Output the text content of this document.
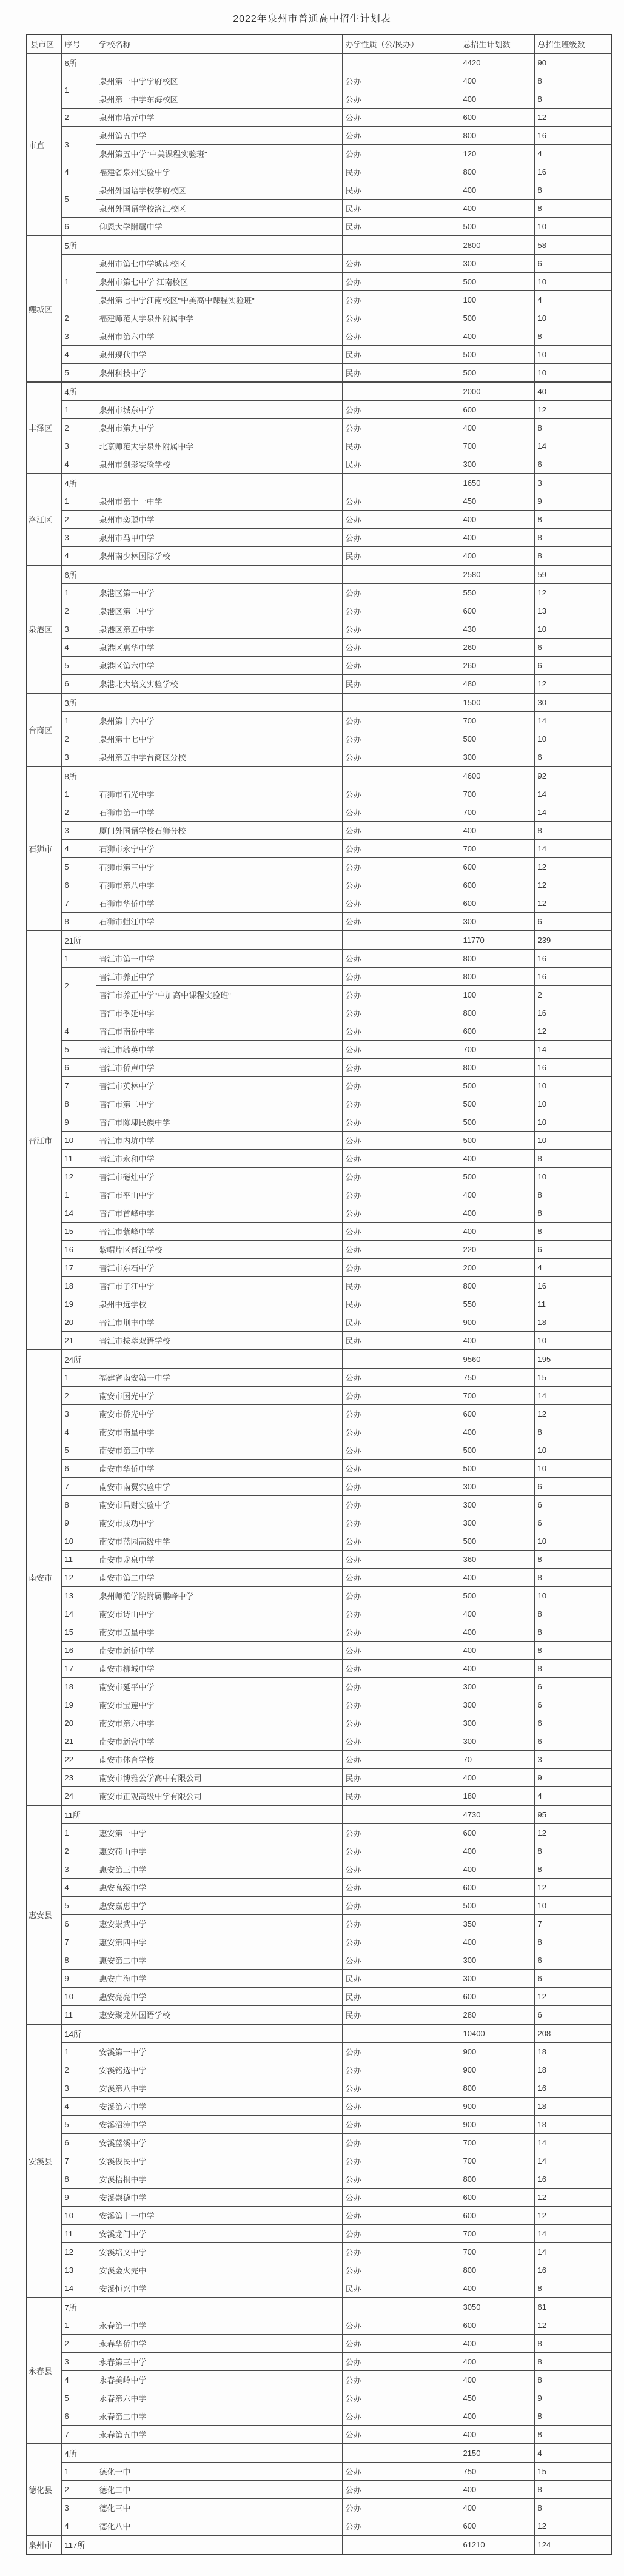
2022年泉州市普通高中招生计划表
县市区	序号	学校名称	办学性质（公/民办）	总招生计划数	总招生班级数
市直	6所			4420	90
	1	泉州第一中学学府校区	公办	400	8
		泉州第一中学东海校区	公办	400	8
	2	泉州市培元中学	公办	600	12
	3	泉州第五中学	公办	800	16
		泉州第五中学"中美课程实验班"	公办	120	4
	4	福建省泉州实验中学	民办	800	16
	5	泉州外国语学校学府校区	民办	400	8
		泉州外国语学校洛江校区	民办	400	8
	6	仰恩大学附属中学	民办	500	10
鲤城区	5所			2800	58
	1	泉州市第七中学城南校区	公办	300	6
		泉州市第七中学 江南校区	公办	500	10
		泉州第七中学江南校区"中美高中课程实验班"	公办	100	4
	2	福建师范大学泉州附属中学	公办	500	10
	3	泉州市第六中学	公办	400	8
	4	泉州现代中学	民办	500	10
	5	泉州科技中学	民办	500	10
丰泽区	4所			2000	40
	1	泉州市城东中学	公办	600	12
	2	泉州市第九中学	公办	400	8
	3	北京师范大学泉州附属中学	民办	700	14
	4	泉州市剑影实验学校	民办	300	6
洛江区	4所			1650	3
	1	泉州市第十一中学	公办	450	9
	2	泉州市奕聪中学	公办	400	8
	3	泉州市马甲中学	公办	400	8
	4	泉州南少林国际学校	民办	400	8
泉港区	6所			2580	59
	1	泉港区第一中学	公办	550	12
	2	泉港区第二中学	公办	600	13
	3	泉港区第五中学	公办	430	10
	4	泉港区惠华中学	公办	260	6
	5	泉港区第六中学	公办	260	6
	6	泉港北大培文实验学校	民办	480	12
台商区	3所			1500	30
	1	泉州第十六中学	公办	700	14
	2	泉州第十七中学	公办	500	10
	3	泉州第五中学台商区分校	公办	300	6
石狮市	8所			4600	92
	1	石狮市石光中学	公办	700	14
	2	石狮市第一中学	公办	700	14
	3	厦门外国语学校石狮分校	公办	400	8
	4	石狮市永宁中学	公办	700	14
	5	石狮市第三中学	公办	600	12
	6	石狮市第八中学	公办	600	12
	7	石狮市华侨中学	公办	600	12
	8	石狮市蚶江中学	公办	300	6
晋江市	21所			11770	239
	1	晋江市第一中学	公办	800	16
	2	晋江市养正中学	公办	800	16
		晋江市养正中学"中加高中课程实验班"	公办	100	2
		晋江市季延中学	公办	800	16
	4	晋江市南侨中学	公办	600	12
	5	晋江市毓英中学	公办	700	14
	6	晋江市侨声中学	公办	800	16
	7	晋江市英林中学	公办	500	10
	8	晋江市第二中学	公办	500	10
	9	晋江市陈埭民族中学	公办	500	10
	10	晋江市内坑中学	公办	500	10
	11	晋江市永和中学	公办	400	8
	12	晋江市磁灶中学	公办	500	10
	1	晋江市平山中学	公办	400	8
	14	晋江市首峰中学	公办	400	8
	15	晋江市紫峰中学	公办	400	8
	16	紫帽片区晋江学校	公办	220	6
	17	晋江市东石中学	公办	200	4
	18	晋江市子江中学	民办	800	16
	19	泉州中远学校	民办	550	11
	20	晋江市荆丰中学	民办	900	18
	21	晋江市拔萃双语学校	民办	400	10
南安市	24所			9560	195
	1	福建省南安第一中学	公办	750	15
	2	南安市国光中学	公办	700	14
	3	南安市侨光中学	公办	600	12
	4	南安市南星中学	公办	400	8
	5	南安市第三中学	公办	500	10
	6	南安市华侨中学	公办	500	10
	7	南安市南翼实验中学	公办	300	6
	8	南安市昌财实验中学	公办	300	6
	9	南安市成功中学	公办	300	6
	10	南安市蓝园高级中学	公办	500	10
	11	南安市龙泉中学	公办	360	8
	12	南安市第二中学	公办	400	8
	13	泉州师范学院附属鹏峰中学	公办	500	10
	14	南安市诗山中学	公办	400	8
	15	南安市五星中学	公办	400	8
	16	南安市新侨中学	公办	400	8
	17	南安市柳城中学	公办	400	8
	18	南安市延平中学	公办	300	6
	19	南安市宝莲中学	公办	300	6
	20	南安市第六中学	公办	300	6
	21	南安市新营中学	公办	300	6
	22	南安市体育学校	公办	70	3
	23	南安市博雅公学高中有限公司	民办	400	9
	24	南安市正观高级中学有限公司	民办	180	4
惠安县	11所			4730	95
	1	惠安第一中学	公办	600	12
	2	惠安荷山中学	公办	400	8
	3	惠安第三中学	公办	400	8
	4	惠安高级中学	公办	600	12
	5	惠安嘉惠中学	公办	500	10
	6	惠安崇武中学	公办	350	7
	7	惠安第四中学	公办	400	8
	8	惠安第二中学	公办	300	6
	9	惠安广海中学	民办	300	6
	10	惠安亮亮中学	民办	600	12
	11	惠安聚龙外国语学校	民办	280	6
安溪县	14所			10400	208
	1	安溪第一中学	公办	900	18
	2	安溪铭选中学	公办	900	18
	3	安溪第八中学	公办	800	16
	4	安溪第六中学	公办	900	18
	5	安溪沼涛中学	公办	900	18
	6	安溪蓝溪中学	公办	700	14
	7	安溪俊民中学	公办	700	14
	8	安溪梧桐中学	公办	800	16
	9	安溪崇德中学	公办	600	12
	10	安溪第十一中学	公办	600	12
	11	安溪龙门中学	公办	700	14
	12	安溪培文中学	公办	700	14
	13	安溪金火完中	公办	800	16
	14	安溪恒兴中学	民办	400	8
永春县	7所			3050	61
	1	永春第一中学	公办	600	12
	2	永春华侨中学	公办	400	8
	3	永春第三中学	公办	400	8
	4	永春美岭中学	公办	400	8
	5	永春第六中学	公办	450	9
	6	永春第二中学	公办	400	8
	7	永春第五中学	公办	400	8
德化县	4所			2150	4
	1	德化一中	公办	750	15
	2	德化二中	公办	400	8
	3	德化三中	公办	400	8
	4	德化八中	公办	600	12
泉州市	117所			61210	124
